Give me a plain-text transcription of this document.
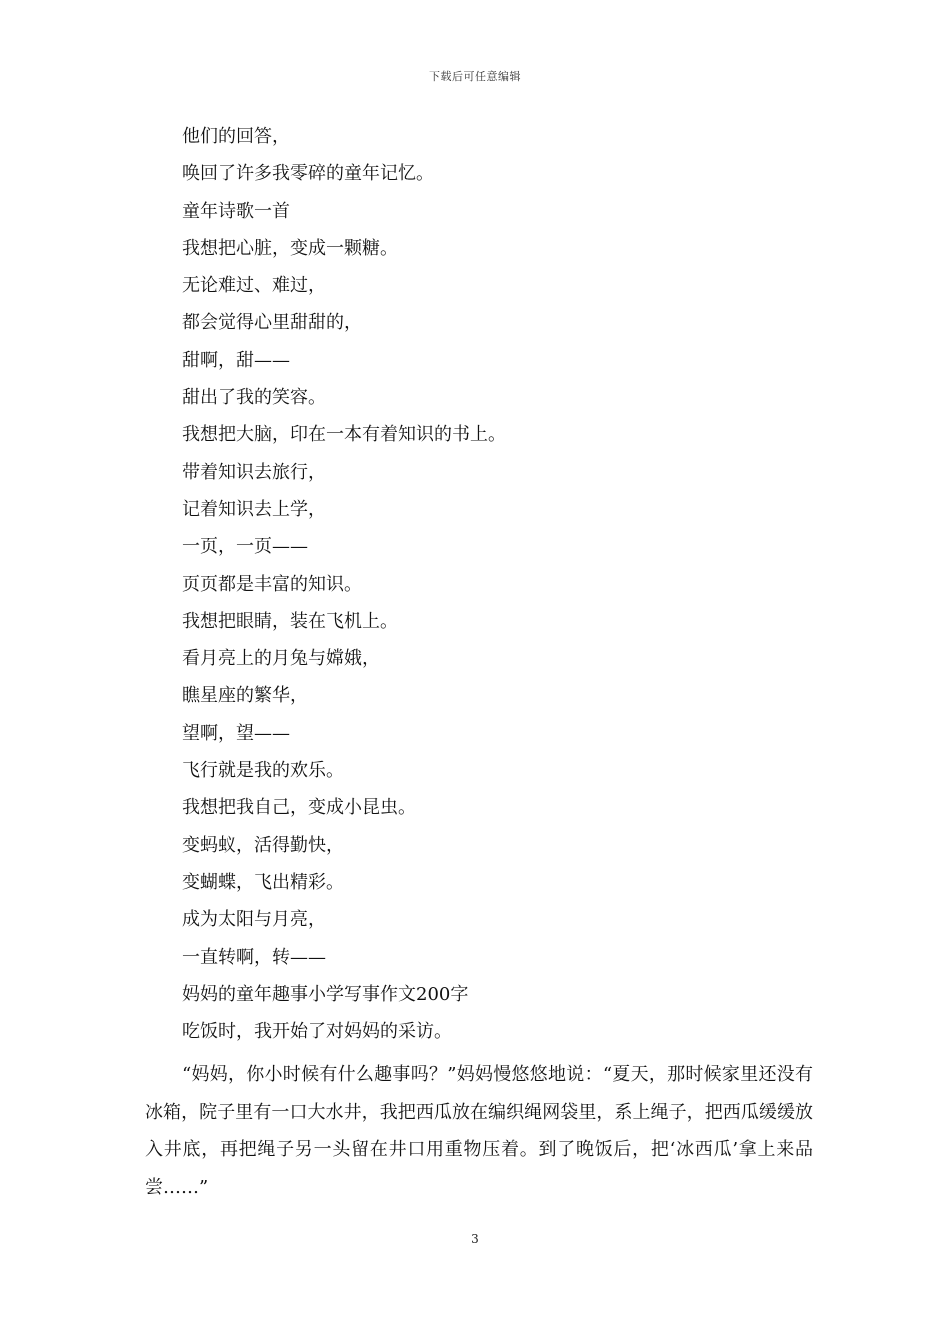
下载后可任意编辑
他们的回答，
唤回了许多我零碎的童年记忆。
童年诗歌一首
我想把心脏，变成一颗糖。
无论难过、难过，
都会觉得心里甜甜的，
甜啊，甜——
甜出了我的笑容。
我想把大脑，印在一本有着知识的书上。
带着知识去旅行，
记着知识去上学，
一页，一页——
页页都是丰富的知识。
我想把眼睛，装在飞机上。
看月亮上的月兔与嫦娥，
瞧星座的繁华，
望啊，望——
飞行就是我的欢乐。
我想把我自己，变成小昆虫。
变蚂蚁，活得勤快，
变蝴蝶，飞出精彩。
成为太阳与月亮，
一直转啊，转——
妈妈的童年趣事小学写事作文200字
吃饭时，我开始了对妈妈的采访。
“妈妈，你小时候有什么趣事吗？”妈妈慢悠悠地说：“夏天，那时候家里还没有冰箱，院子里有一口大水井，我把西瓜放在编织绳网袋里，系上绳子，把西瓜缓缓放入井底，再把绳子另一头留在井口用重物压着。到了晚饭后，把‘冰西瓜’拿上来品尝……”
3
